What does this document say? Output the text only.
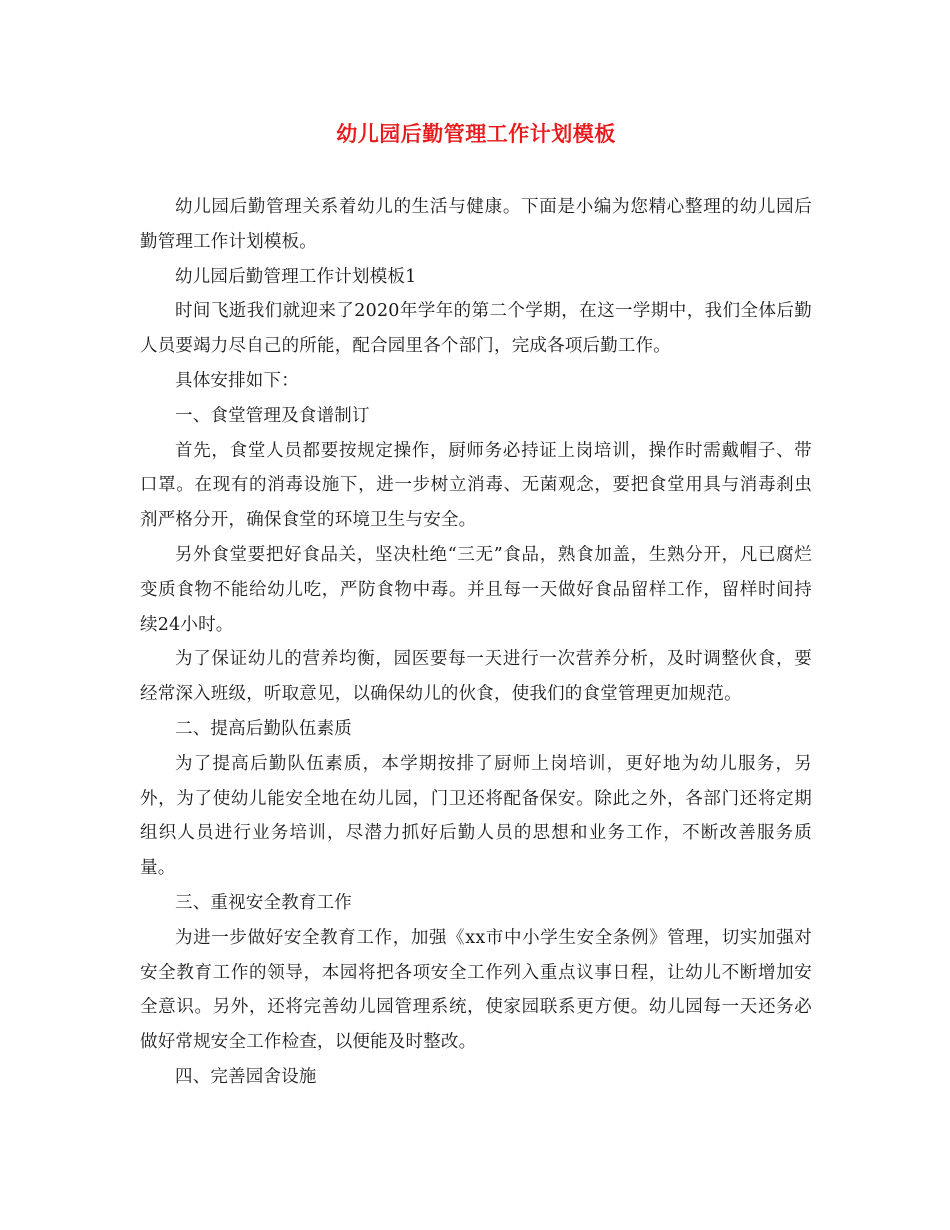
幼儿园后勤管理工作计划模板

幼儿园后勤管理关系着幼儿的生活与健康。下面是小编为您精心整理的幼儿园后勤管理工作计划模板。

幼儿园后勤管理工作计划模板1

时间飞逝我们就迎来了2020年学年的第二个学期，在这一学期中，我们全体后勤人员要竭力尽自己的所能，配合园里各个部门，完成各项后勤工作。

具体安排如下：

一、食堂管理及食谱制订

首先，食堂人员都要按规定操作，厨师务必持证上岗培训，操作时需戴帽子、带口罩。在现有的消毒设施下，进一步树立消毒、无菌观念，要把食堂用具与消毒刹虫剂严格分开，确保食堂的环境卫生与安全。

另外食堂要把好食品关，坚决杜绝“三无”食品，熟食加盖，生熟分开，凡已腐烂变质食物不能给幼儿吃，严防食物中毒。并且每一天做好食品留样工作，留样时间持续24小时。

为了保证幼儿的营养均衡，园医要每一天进行一次营养分析，及时调整伙食，要经常深入班级，听取意见，以确保幼儿的伙食，使我们的食堂管理更加规范。

二、提高后勤队伍素质

为了提高后勤队伍素质，本学期按排了厨师上岗培训，更好地为幼儿服务，另外，为了使幼儿能安全地在幼儿园，门卫还将配备保安。除此之外，各部门还将定期组织人员进行业务培训，尽潜力抓好后勤人员的思想和业务工作，不断改善服务质量。

三、重视安全教育工作

为进一步做好安全教育工作，加强《xx市中小学生安全条例》管理，切实加强对安全教育工作的领导，本园将把各项安全工作列入重点议事日程，让幼儿不断增加安全意识。另外，还将完善幼儿园管理系统，使家园联系更方便。幼儿园每一天还务必做好常规安全工作检查，以便能及时整改。

四、完善园舍设施
